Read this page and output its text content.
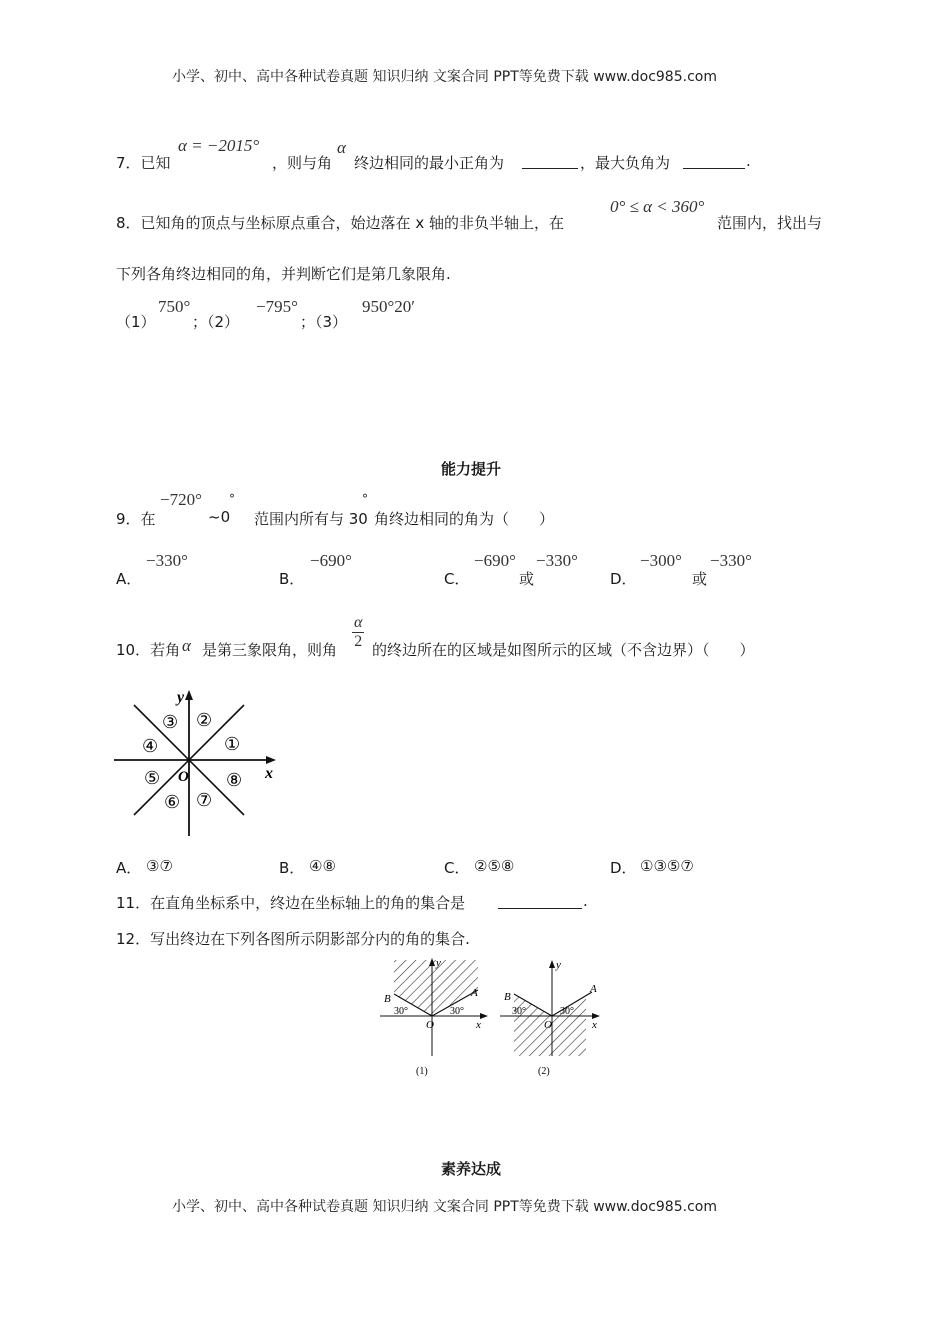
小学、初中、高中各种试卷真题 知识归纳 文案合同 PPT等免费下载 www.doc985.com
7．已知
α = −2015°
，则与角
α
终边相同的最小正角为	，最大负角为	.
8．已知角的顶点与坐标原点重合，始边落在 x 轴的非负半轴上，在
0° ≤ α < 360°
范围内，找出与
下列各角终边相同的角，并判断它们是第几象限角.
（1）
750°
；（2）
−795°
；（3）
950°20′
能力提升
9．在
−720°
~0
°
范围内所有与 30
°
角终边相同的角为（　　）
A．
−330°
B．
−690°
C．
−690°
或
−330°
D．
−300°
或
−330°
10．若角 α 是第三象限角，则角 $\frac{\alpha}{2}$ 的终边所在的区域是如图所示的区域（不含边界）（　　）
y
x
O
①
②
③
④
⑤
⑥ ⑦
⑧
A． ③⑦	B． ④⑧	C． ②⑤⑧	D． ①③⑤⑦
11．在直角坐标系中，终边在坐标轴上的角的集合是	.
12．写出终边在下列各图所示阴影部分内的角的集合.
y
x
O
A
B
30°	30°
(1)
y
x
O
A
B
30°	30°
(2)
素养达成
小学、初中、高中各种试卷真题 知识归纳 文案合同 PPT等免费下载 www.doc985.com
